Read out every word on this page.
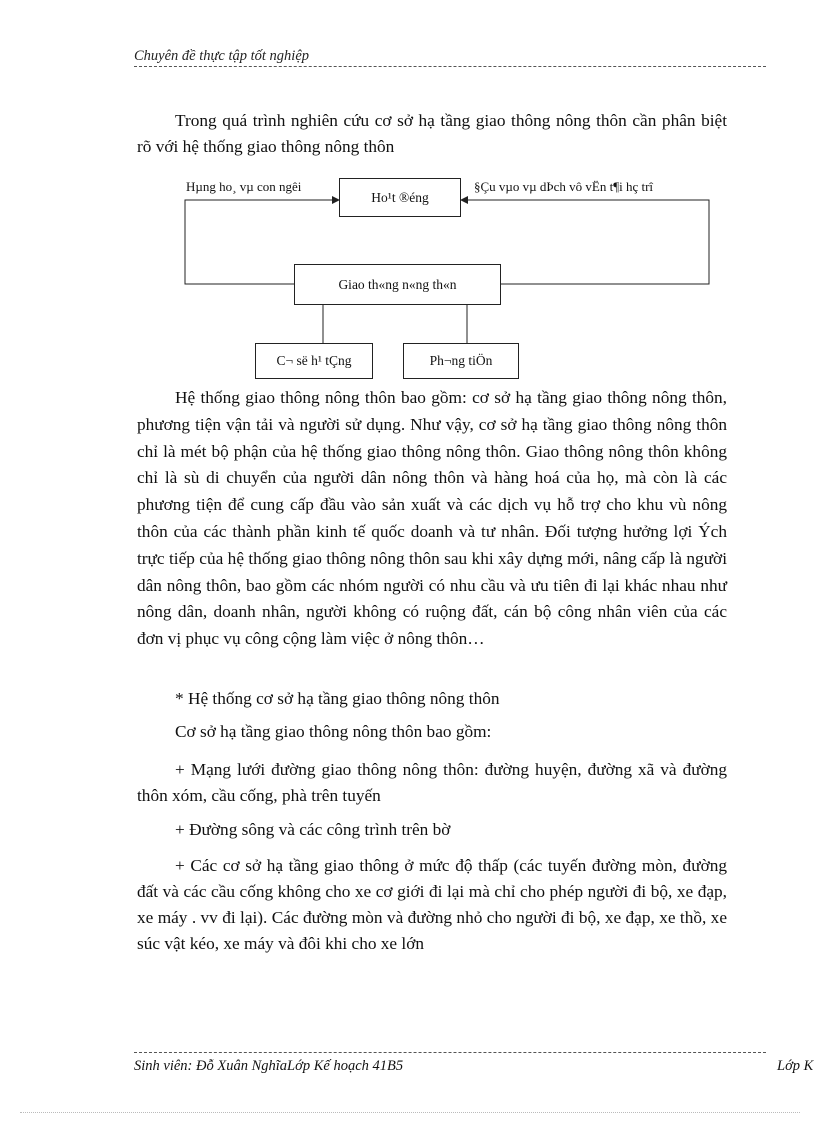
Chuyên đề thực tập tốt nghiệp

Trong quá trình nghiên cứu cơ sở hạ tầng giao thông nông thôn cần phân biệt rõ với hệ thống giao thông nông thôn

Hµng ho¸ vµ con ngêi	§Çu vµo vµ dÞch vô vËn t¶i hç trî
Ho¹t ®éng
Giao th«ng n«ng th«n
C¬ së h¹ tÇng	Ph¬ng tiÖn

Hệ thống giao thông nông thôn bao gồm: cơ sở hạ tầng giao thông nông thôn, phương tiện vận tải và người sử dụng. Như vậy, cơ sở hạ tầng giao thông nông thôn chỉ là mét bộ phận của hệ thống giao thông nông thôn. Giao thông nông thôn không chỉ là sù di chuyển của người dân nông thôn và hàng hoá của họ, mà còn là các phương tiện để cung cấp đầu vào sản xuất và các dịch vụ hỗ trợ cho khu vù nông thôn của các thành phần kinh tế quốc doanh và tư nhân. Đối tượng hưởng lợi Ých trực tiếp của hệ thống giao thông nông thôn sau khi xây dựng mới, nâng cấp là người dân nông thôn, bao gồm các nhóm người có nhu cầu và ưu tiên đi lại khác nhau như nông dân, doanh nhân, người không có ruộng đất, cán bộ công nhân viên của các đơn vị phục vụ công cộng làm việc ở nông thôn…

* Hệ thống cơ sở hạ tầng giao thông nông thôn

Cơ sở hạ tầng giao thông nông thôn bao gồm:

+ Mạng lưới đường giao thông nông thôn: đường huyện, đường xã và đường thôn xóm, cầu cống, phà trên tuyến

+ Đường sông và các công trình trên bờ

+ Các cơ sở hạ tầng giao thông ở mức độ thấp (các tuyến đường mòn, đường đất và các cầu cống không cho xe cơ giới đi lại mà chỉ cho phép người đi bộ, xe đạp, xe máy . vv đi lại). Các đường mòn và đường nhỏ cho người đi bộ, xe đạp, xe thồ, xe súc vật kéo, xe máy và đôi khi cho xe lớn

Sinh viên: Đỗ Xuân NghĩaLớp Kế hoạch 41B5	Lớp K
